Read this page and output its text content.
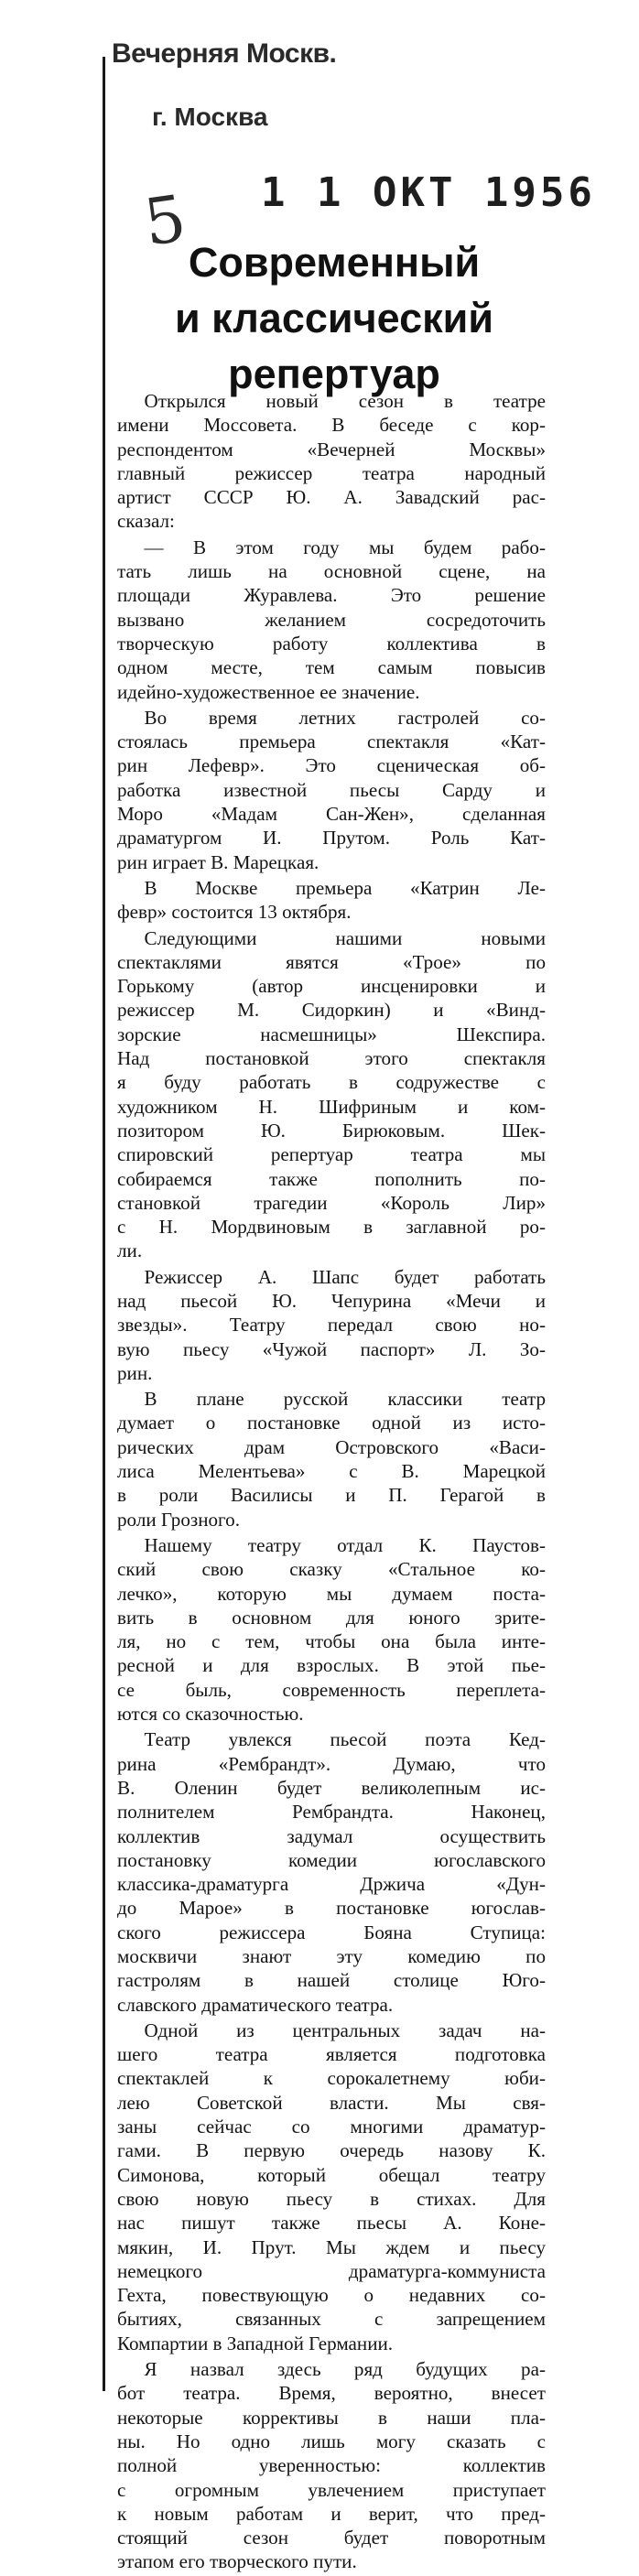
Вечерняя Москв.
г. Москва
5 1 1 ОКТ 1956
Современный
и классический
репертуар
Открылся новый сезон в театре
имени Моссовета. В беседе с кор-
респондентом «Вечерней Москвы»
главный режиссер театра народный
артист СССР Ю. А. Завадский рас-
сказал:
— В этом году мы будем рабо-
тать лишь на основной сцене, на
площади Журавлева. Это решение
вызвано желанием сосредоточить
творческую работу коллектива в
одном месте, тем самым повысив
идейно-художественное ее значение.
Во время летних гастролей со-
стоялась премьера спектакля «Кат-
рин Лефевр». Это сценическая об-
работка известной пьесы Сарду и
Моро «Мадам Сан-Жен», сделанная
драматургом И. Прутом. Роль Кат-
рин играет В. Марецкая.
В Москве премьера «Катрин Ле-
февр» состоится 13 октября.
Следующими нашими новыми
спектаклями явятся «Трое» по
Горькому (автор инсценировки и
режиссер М. Сидоркин) и «Винд-
зорские насмешницы» Шекспира.
Над постановкой этого спектакля
я буду работать в содружестве с
художником Н. Шифриным и ком-
позитором Ю. Бирюковым. Шек-
спировский репертуар театра мы
собираемся также пополнить по-
становкой трагедии «Король Лир»
с Н. Мордвиновым в заглавной ро-
ли.
Режиссер А. Шапс будет работать
над пьесой Ю. Чепурина «Мечи и
звезды». Театру передал свою но-
вую пьесу «Чужой паспорт» Л. Зо-
рин.
В плане русской классики театр
думает о постановке одной из исто-
рических драм Островского «Васи-
лиса Мелентьева» с В. Марецкой
в роли Василисы и П. Герагой в
роли Грозного.
Нашему театру отдал К. Паустов-
ский свою сказку «Стальное ко-
лечко», которую мы думаем поста-
вить в основном для юного зрите-
ля, но с тем, чтобы она была инте-
ресной и для взрослых. В этой пье-
се быль, современность переплета-
ются со сказочностью.
Театр увлекся пьесой поэта Кед-
рина «Рембрандт». Думаю, что
В. Оленин будет великолепным ис-
полнителем Рембрандта. Наконец,
коллектив задумал осуществить
постановку комедии югославского
классика-драматурга Држича «Дун-
до Марое» в постановке югослав-
ского режиссера Бояна Ступица:
москвичи знают эту комедию по
гастролям в нашей столице Юго-
славского драматического театра.
Одной из центральных задач на-
шего театра является подготовка
спектаклей к сорокалетнему юби-
лею Советской власти. Мы свя-
заны сейчас со многими драматур-
гами. В первую очередь назову К.
Симонова, который обещал театру
свою новую пьесу в стихах. Для
нас пишут также пьесы А. Коне-
мякин, И. Прут. Мы ждем и пьесу
немецкого драматурга-коммуниста
Гехта, повествующую о недавних со-
бытиях, связанных с запрещением
Компартии в Западной Германии.
Я назвал здесь ряд будущих ра-
бот театра. Время, вероятно, внесет
некоторые коррективы в наши пла-
ны. Но одно лишь могу сказать с
полной уверенностью: коллектив
с огромным увлечением приступает
к новым работам и верит, что пред-
стоящий сезон будет поворотным
этапом его творческого пути.
